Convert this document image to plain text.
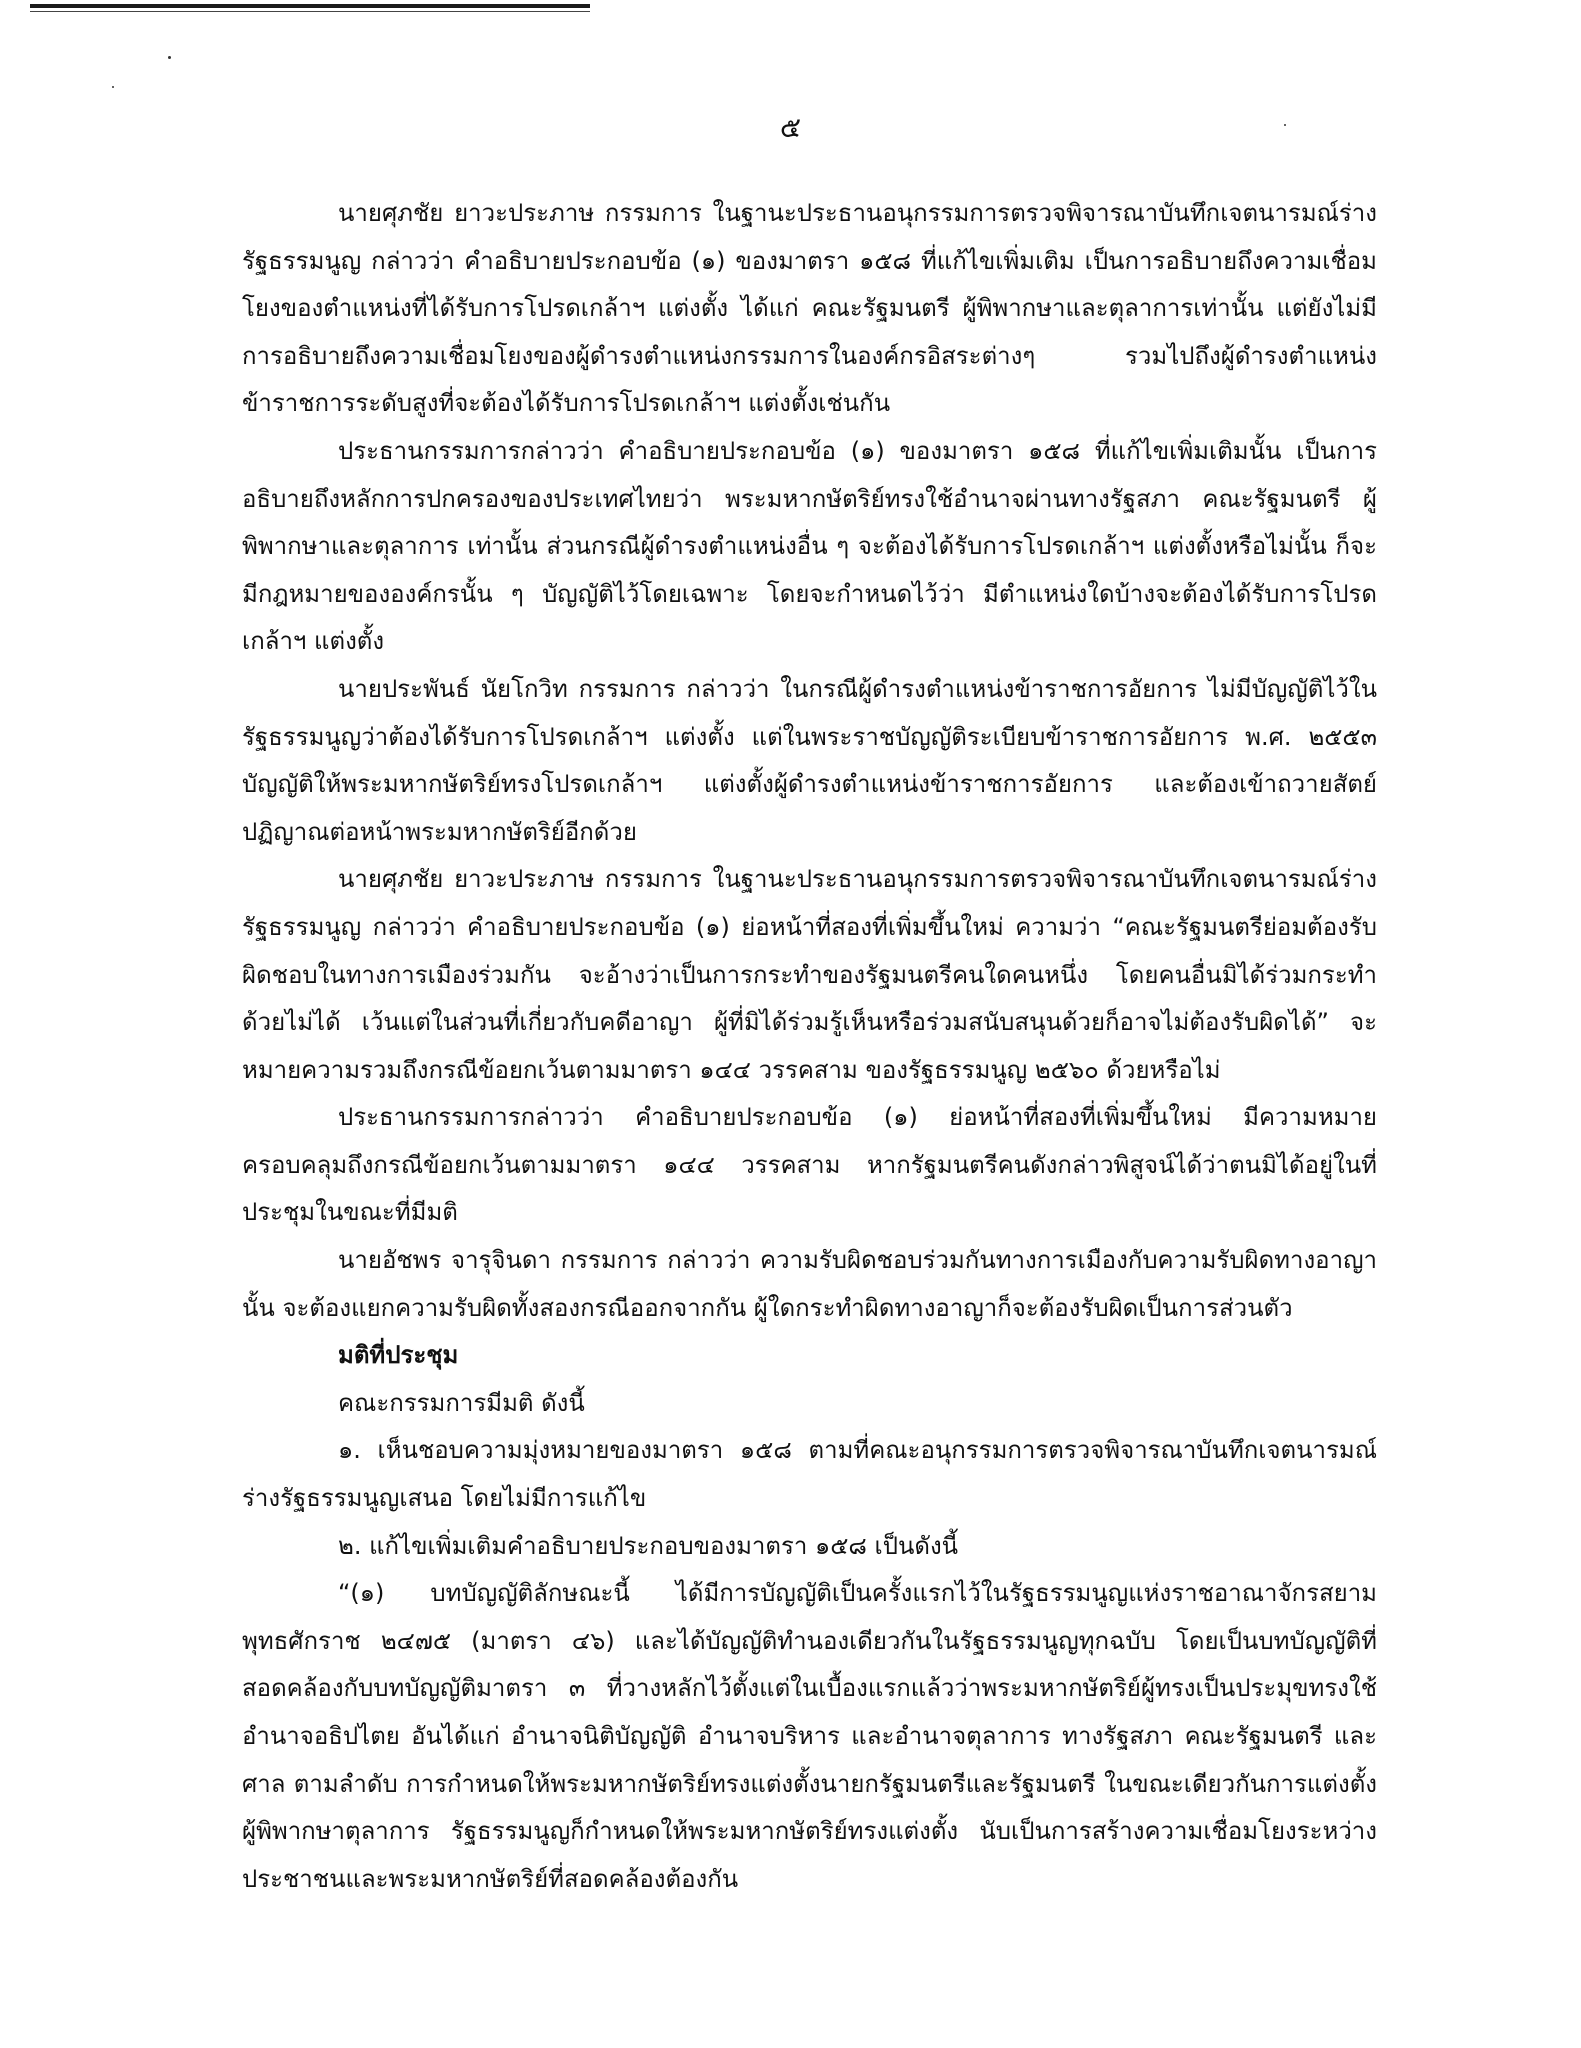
๕

นายศุภชัย ยาวะประภาษ กรรมการ ในฐานะประธานอนุกรรมการตรวจพิจารณาบันทึกเจตนารมณ์ร่างรัฐธรรมนูญ กล่าวว่า คำอธิบายประกอบข้อ (๑) ของมาตรา ๑๕๘ ที่แก้ไขเพิ่มเติม เป็นการอธิบายถึงความเชื่อมโยงของตำแหน่งที่ได้รับการโปรดเกล้าฯ แต่งตั้ง ได้แก่ คณะรัฐมนตรี ผู้พิพากษาและตุลาการเท่านั้น แต่ยังไม่มีการอธิบายถึงความเชื่อมโยงของผู้ดำรงตำแหน่งกรรมการในองค์กรอิสระต่างๆ รวมไปถึงผู้ดำรงตำแหน่งข้าราชการระดับสูงที่จะต้องได้รับการโปรดเกล้าฯ แต่งตั้งเช่นกัน

ประธานกรรมการกล่าวว่า คำอธิบายประกอบข้อ (๑) ของมาตรา ๑๕๘ ที่แก้ไขเพิ่มเติมนั้น เป็นการอธิบายถึงหลักการปกครองของประเทศไทยว่า พระมหากษัตริย์ทรงใช้อำนาจผ่านทางรัฐสภา คณะรัฐมนตรี ผู้พิพากษาและตุลาการ เท่านั้น ส่วนกรณีผู้ดำรงตำแหน่งอื่น ๆ จะต้องได้รับการโปรดเกล้าฯ แต่งตั้งหรือไม่นั้น ก็จะมีกฎหมายขององค์กรนั้น ๆ บัญญัติไว้โดยเฉพาะ โดยจะกำหนดไว้ว่า มีตำแหน่งใดบ้างจะต้องได้รับการโปรดเกล้าฯ แต่งตั้ง

นายประพันธ์ นัยโกวิท กรรมการ กล่าวว่า ในกรณีผู้ดำรงตำแหน่งข้าราชการอัยการ ไม่มีบัญญัติไว้ในรัฐธรรมนูญว่าต้องได้รับการโปรดเกล้าฯ แต่งตั้ง แต่ในพระราชบัญญัติระเบียบข้าราชการอัยการ พ.ศ. ๒๕๕๓ บัญญัติให้พระมหากษัตริย์ทรงโปรดเกล้าฯ แต่งตั้งผู้ดำรงตำแหน่งข้าราชการอัยการ และต้องเข้าถวายสัตย์ปฏิญาณต่อหน้าพระมหากษัตริย์อีกด้วย

นายศุภชัย ยาวะประภาษ กรรมการ ในฐานะประธานอนุกรรมการตรวจพิจารณาบันทึกเจตนารมณ์ร่างรัฐธรรมนูญ กล่าวว่า คำอธิบายประกอบข้อ (๑) ย่อหน้าที่สองที่เพิ่มขึ้นใหม่ ความว่า “คณะรัฐมนตรีย่อมต้องรับผิดชอบในทางการเมืองร่วมกัน จะอ้างว่าเป็นการกระทำของรัฐมนตรีคนใดคนหนึ่ง โดยคนอื่นมิได้ร่วมกระทำด้วยไม่ได้ เว้นแต่ในส่วนที่เกี่ยวกับคดีอาญา ผู้ที่มิได้ร่วมรู้เห็นหรือร่วมสนับสนุนด้วยก็อาจไม่ต้องรับผิดได้” จะหมายความรวมถึงกรณีข้อยกเว้นตามมาตรา ๑๔๔ วรรคสาม ของรัฐธรรมนูญ ๒๕๖๐ ด้วยหรือไม่

ประธานกรรมการกล่าวว่า คำอธิบายประกอบข้อ (๑) ย่อหน้าที่สองที่เพิ่มขึ้นใหม่ มีความหมายครอบคลุมถึงกรณีข้อยกเว้นตามมาตรา ๑๔๔ วรรคสาม หากรัฐมนตรีคนดังกล่าวพิสูจน์ได้ว่าตนมิได้อยู่ในที่ประชุมในขณะที่มีมติ

นายอัชพร จารุจินดา กรรมการ กล่าวว่า ความรับผิดชอบร่วมกันทางการเมืองกับความรับผิดทางอาญานั้น จะต้องแยกความรับผิดทั้งสองกรณีออกจากกัน ผู้ใดกระทำผิดทางอาญาก็จะต้องรับผิดเป็นการส่วนตัว

มติที่ประชุม

คณะกรรมการมีมติ ดังนี้

๑. เห็นชอบความมุ่งหมายของมาตรา ๑๕๘ ตามที่คณะอนุกรรมการตรวจพิจารณาบันทึกเจตนารมณ์ร่างรัฐธรรมนูญเสนอ โดยไม่มีการแก้ไข

๒. แก้ไขเพิ่มเติมคำอธิบายประกอบของมาตรา ๑๕๘ เป็นดังนี้

“(๑) บทบัญญัติลักษณะนี้ ได้มีการบัญญัติเป็นครั้งแรกไว้ในรัฐธรรมนูญแห่งราชอาณาจักรสยาม พุทธศักราช ๒๔๗๕ (มาตรา ๔๖) และได้บัญญัติทำนองเดียวกันในรัฐธรรมนูญทุกฉบับ โดยเป็นบทบัญญัติที่สอดคล้องกับบทบัญญัติมาตรา ๓ ที่วางหลักไว้ตั้งแต่ในเบื้องแรกแล้วว่าพระมหากษัตริย์ผู้ทรงเป็นประมุขทรงใช้อำนาจอธิปไตย อันได้แก่ อำนาจนิติบัญญัติ อำนาจบริหาร และอำนาจตุลาการ ทางรัฐสภา คณะรัฐมนตรี และศาล ตามลำดับ การกำหนดให้พระมหากษัตริย์ทรงแต่งตั้งนายกรัฐมนตรีและรัฐมนตรี ในขณะเดียวกันการแต่งตั้งผู้พิพากษาตุลาการ รัฐธรรมนูญก็กำหนดให้พระมหากษัตริย์ทรงแต่งตั้ง นับเป็นการสร้างความเชื่อมโยงระหว่างประชาชนและพระมหากษัตริย์ที่สอดคล้องต้องกัน
